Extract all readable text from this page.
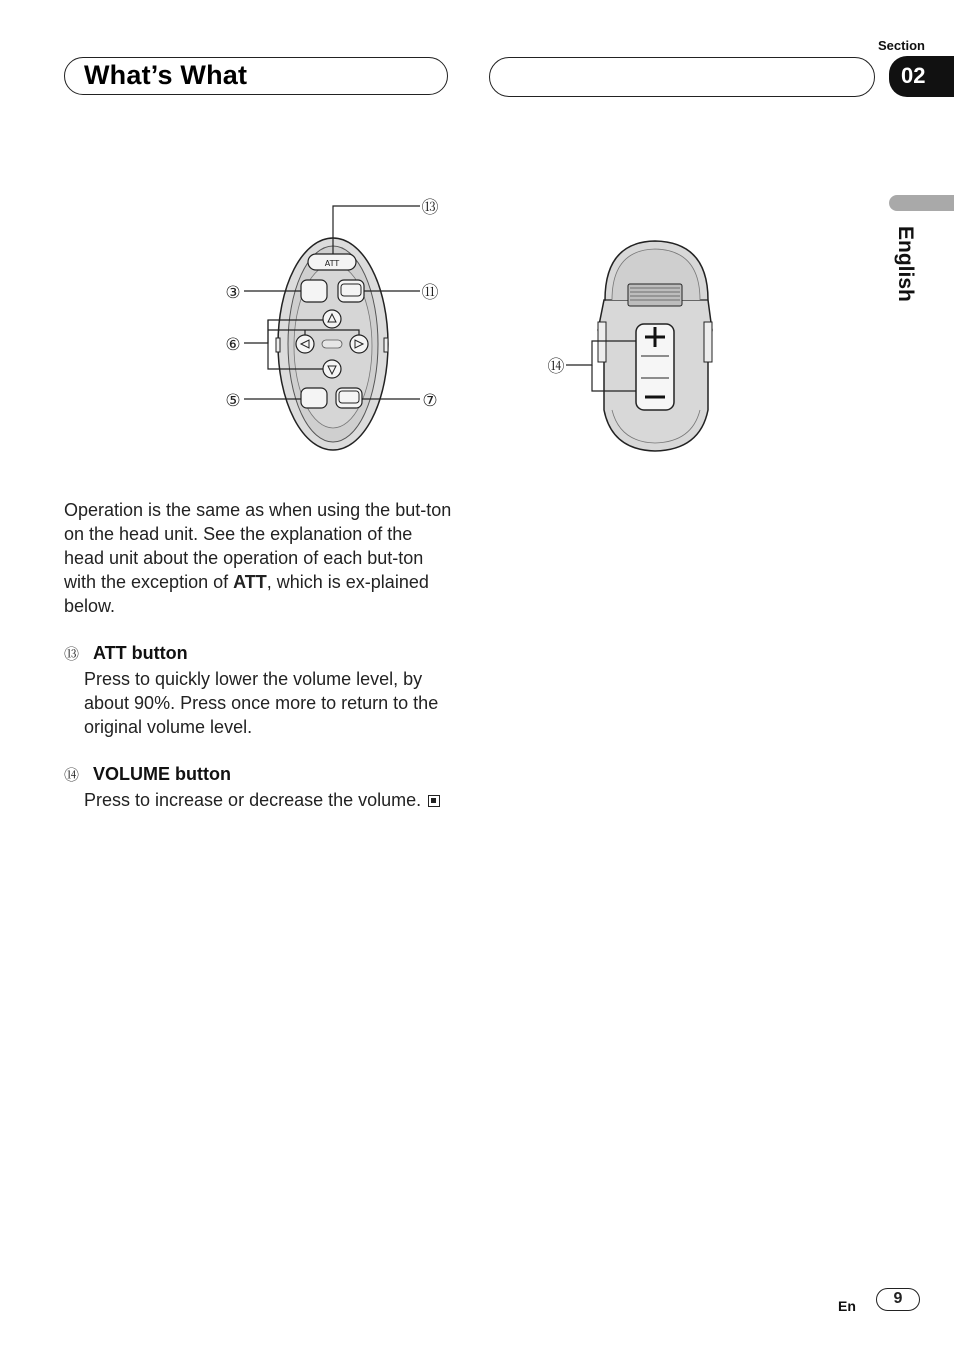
What’s What
Section
02
English
ATT
⑬
③	⑪
⑥
⑤	⑦
⑭
Operation is the same as when using the but-ton on the head unit. See the explanation of the head unit about the operation of each but-ton with the exception of ATT, which is ex-plained below.
⑬ ATT button
Press to quickly lower the volume level, by about 90%. Press once more to return to the original volume level.
⑭ VOLUME button
Press to increase or decrease the volume.
En	9
